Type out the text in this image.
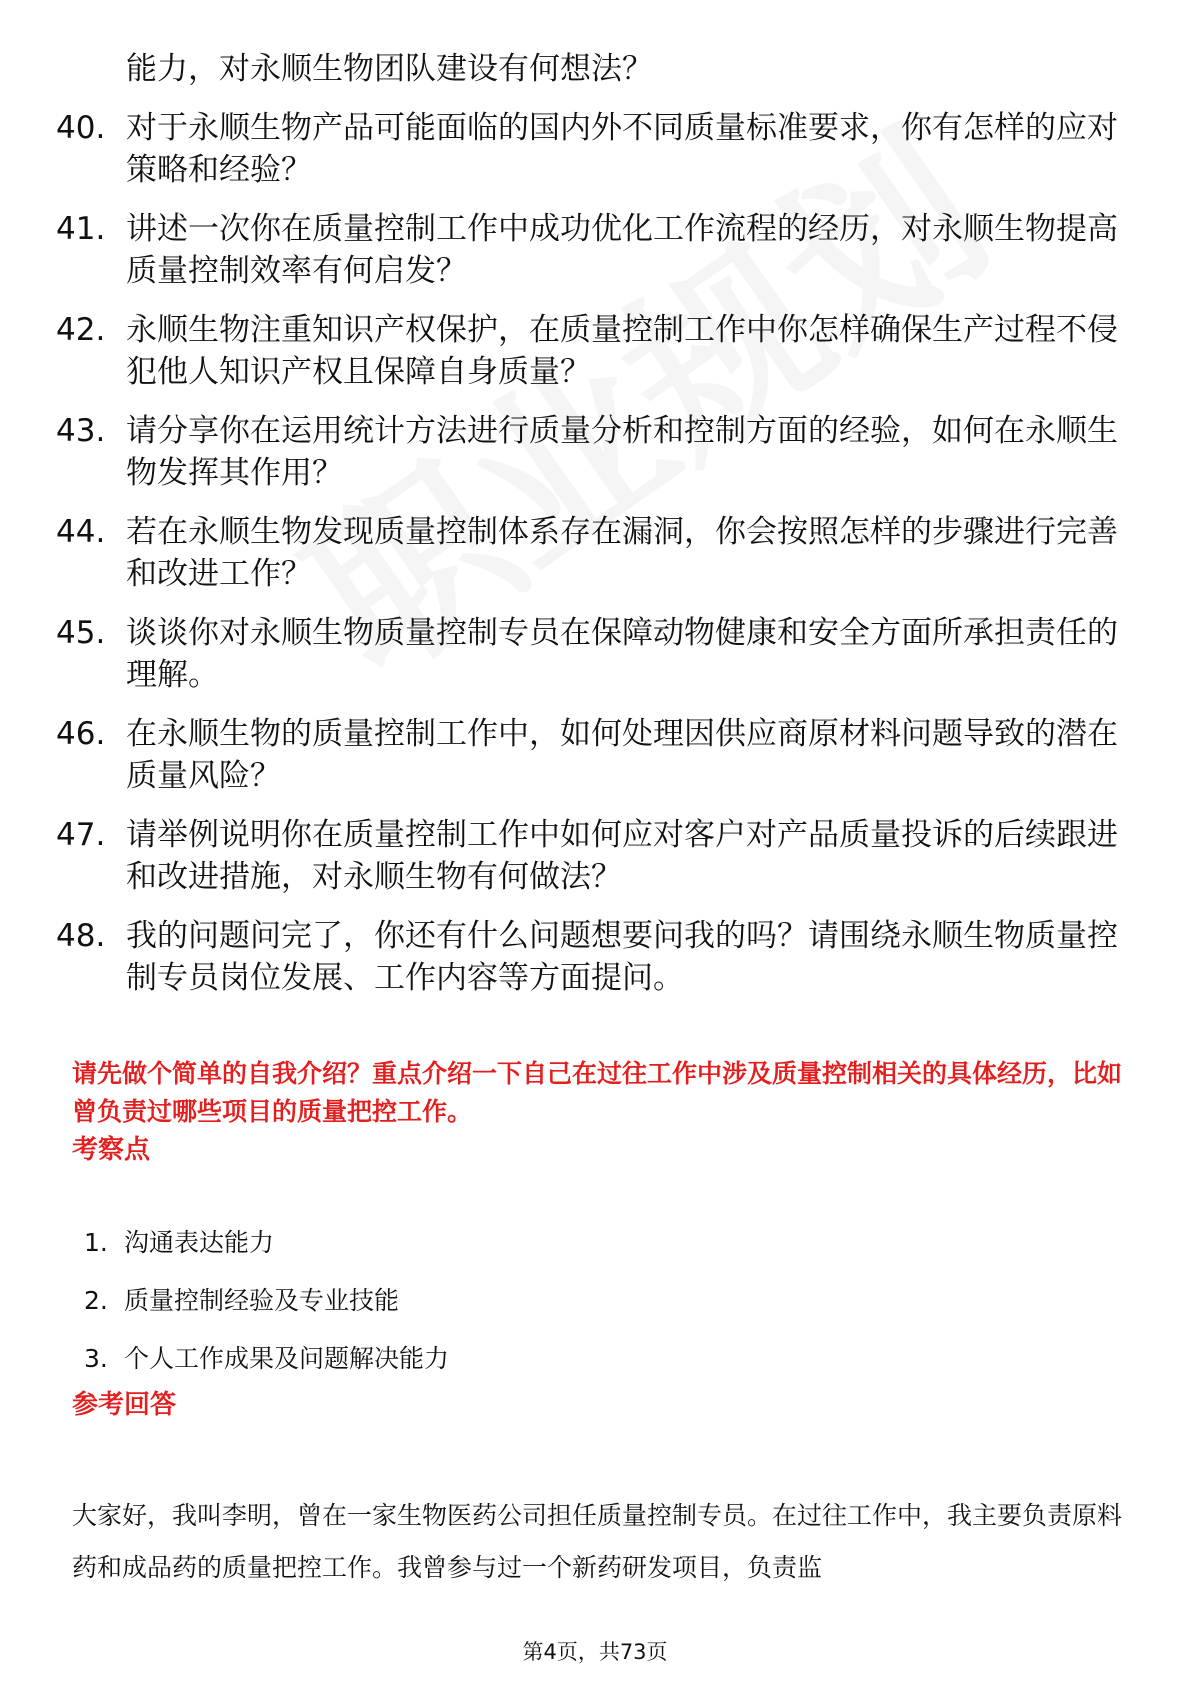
能力，对永顺生物团队建设有何想法？
40. 对于永顺生物产品可能面临的国内外不同质量标准要求，你有怎样的应对策略和经验？
41. 讲述一次你在质量控制工作中成功优化工作流程的经历，对永顺生物提高质量控制效率有何启发？
42. 永顺生物注重知识产权保护，在质量控制工作中你怎样确保生产过程不侵犯他人知识产权且保障自身质量？
43. 请分享你在运用统计方法进行质量分析和控制方面的经验，如何在永顺生物发挥其作用？
44. 若在永顺生物发现质量控制体系存在漏洞，你会按照怎样的步骤进行完善和改进工作？
45. 谈谈你对永顺生物质量控制专员在保障动物健康和安全方面所承担责任的理解。
46. 在永顺生物的质量控制工作中，如何处理因供应商原材料问题导致的潜在质量风险？
47. 请举例说明你在质量控制工作中如何应对客户对产品质量投诉的后续跟进和改进措施，对永顺生物有何做法？
48. 我的问题问完了，你还有什么问题想要问我的吗？请围绕永顺生物质量控制专员岗位发展、工作内容等方面提问。
请先做个简单的自我介绍？重点介绍一下自己在过往工作中涉及质量控制相关的具体经历，比如曾负责过哪些项目的质量把控工作。
考察点
1. 沟通表达能力
2. 质量控制经验及专业技能
3. 个人工作成果及问题解决能力
参考回答
大家好，我叫李明，曾在一家生物医药公司担任质量控制专员。在过往工作中，我主要负责原料药和成品药的质量把控工作。我曾参与过一个新药研发项目，负责监
第4页，共73页
